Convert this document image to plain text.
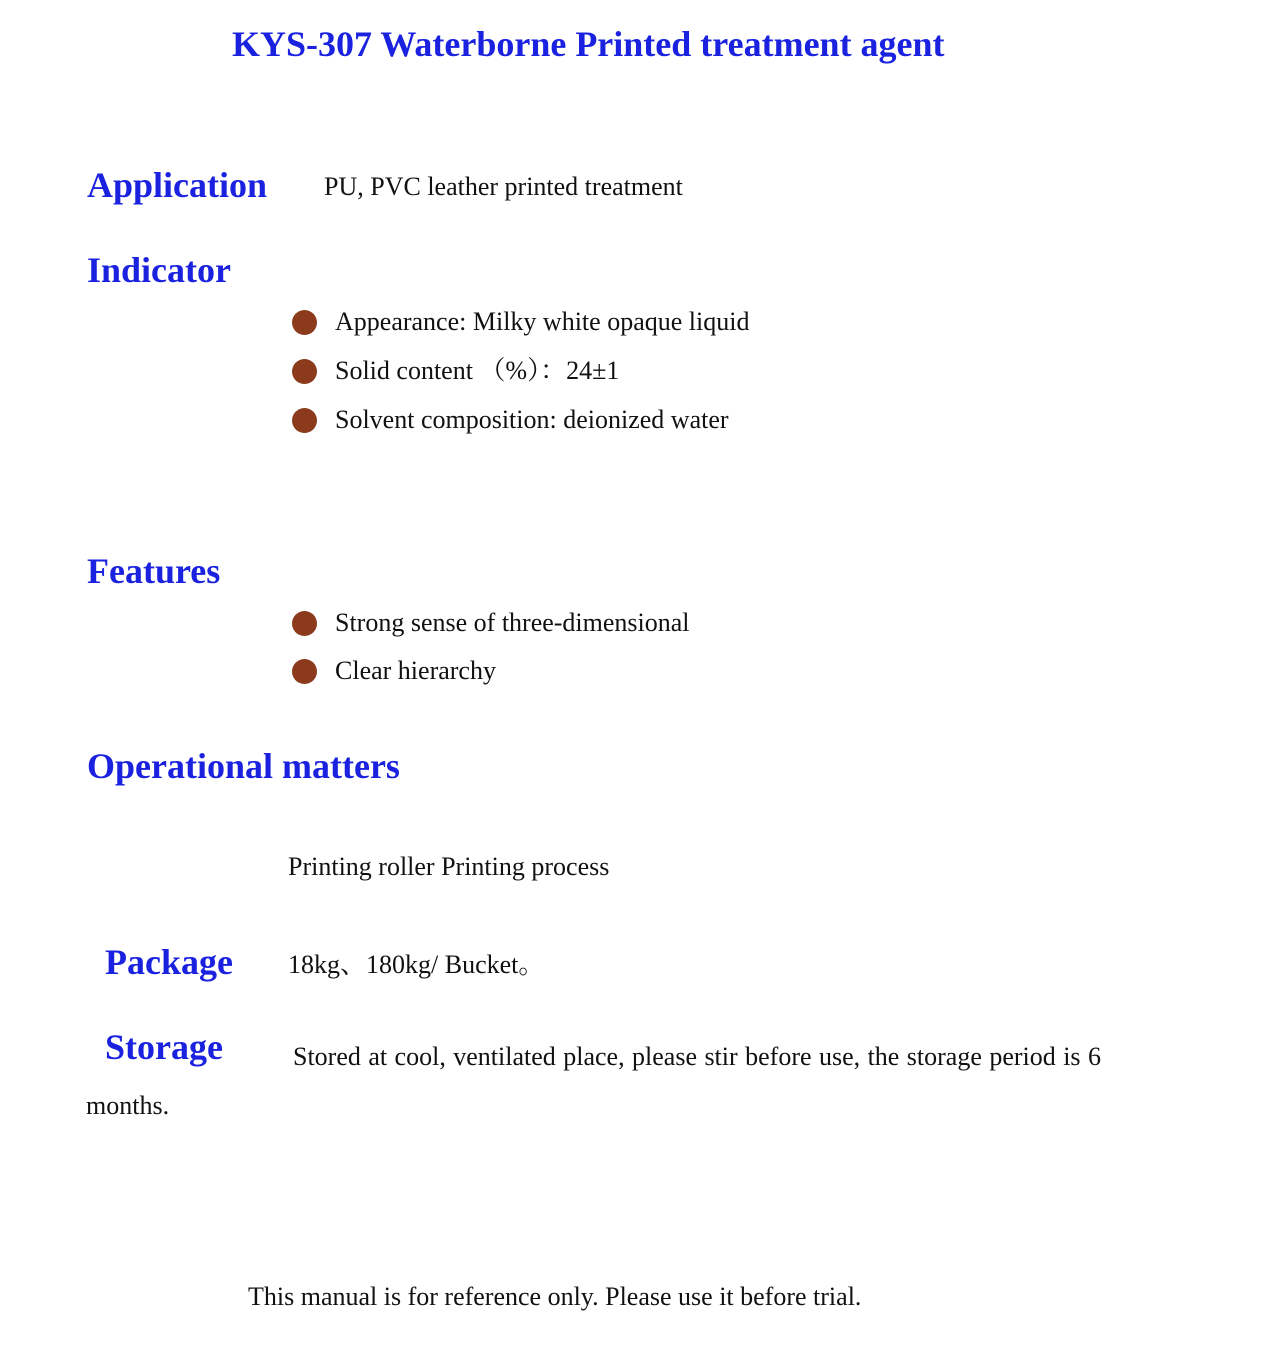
KYS-307 Waterborne Printed treatment agent
Application PU, PVC leather printed treatment
Indicator
Appearance: Milky white opaque liquid
Solid content （%）：24±1
Solvent composition: deionized water
Features
Strong sense of three-dimensional
Clear hierarchy
Operational matters
Printing roller Printing process
Package 18kg、180kg/ Bucket。
Storage	Stored at cool, ventilated place, please stir before use, the storage period is 6 months.
This manual is for reference only. Please use it before trial.
